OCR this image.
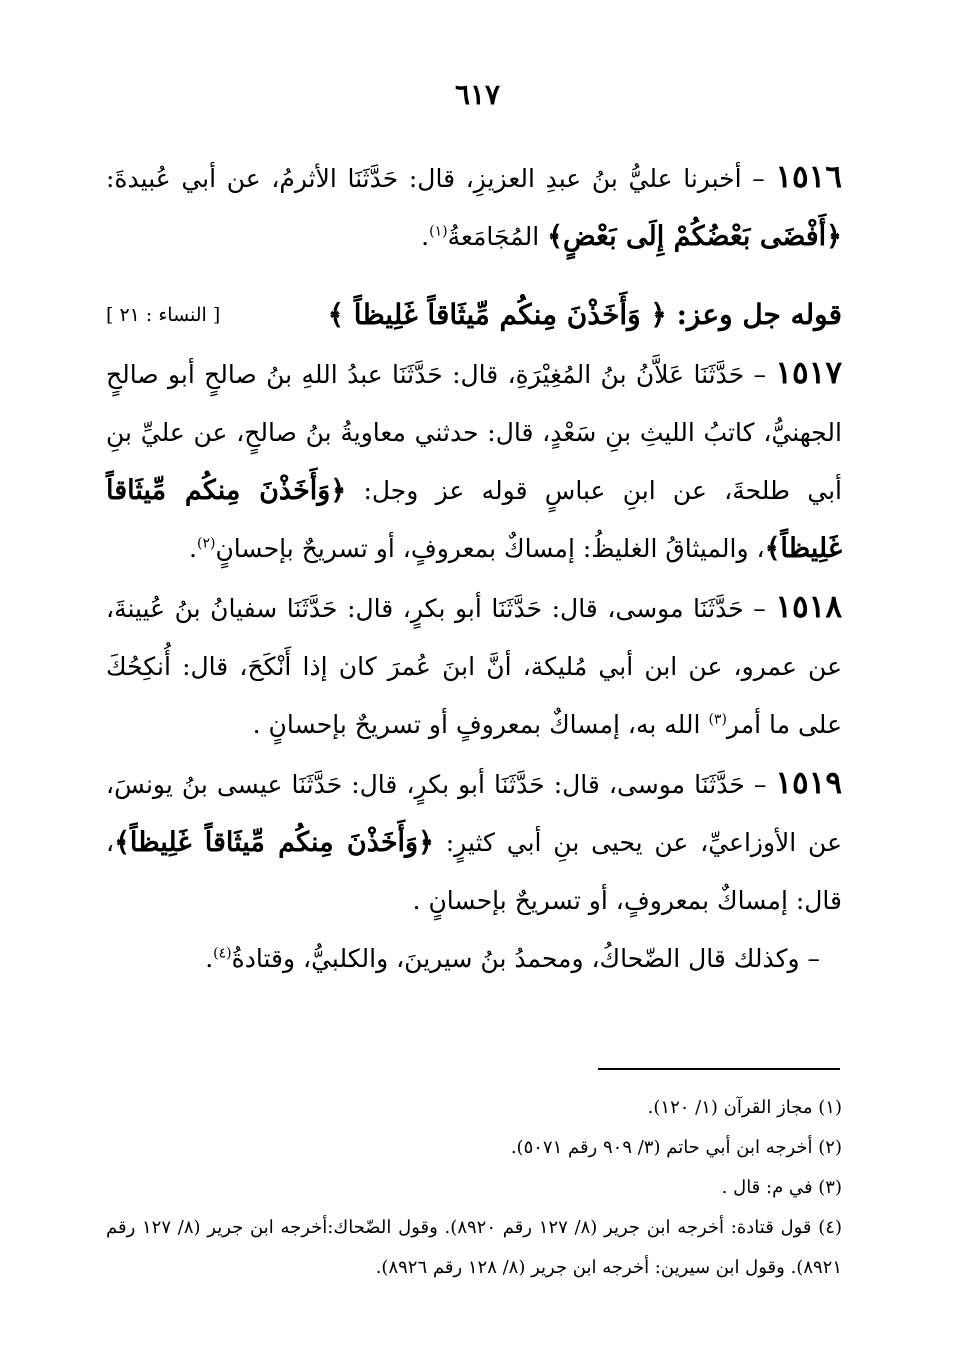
٦١٧

١٥١٦ – أخبرنا عليُّ بنُ عبدِ العزيزِ، قال: حَدَّثَنَا الأثرمُ، عن أبي عُبيدةَ: ﴿أَفْضَى بَعْضُكُمْ إِلَى بَعْضٍ﴾ المُجَامَعةُ$^{(١)}$.

قوله جل وعز: ﴿ وَأَخَذْنَ مِنكُم مِّيثَاقاً غَلِيظاً ﴾
[ النساء : ٢١ ]

١٥١٧ – حَدَّثَنَا عَلاَّنُ بنُ المُغِيْرَةِ، قال: حَدَّثَنَا عبدُ اللهِ بنُ صالحٍ أبو صالحٍ الجهنيُّ، كاتبُ الليثِ بنِ سَعْدٍ، قال: حدثني معاويةُ بنُ صالحٍ، عن عليِّ بنِ أبي طلحةَ، عن ابنِ عباسٍ قوله عز وجل: ﴿وَأَخَذْنَ مِنكُم مِّيثَاقاً غَلِيظاً﴾، والميثاقُ الغليظُ: إمساكٌ بمعروفٍ، أو تسريحٌ بإحسانٍ$^{(٢)}$.

١٥١٨ – حَدَّثَنَا موسى، قال: حَدَّثَنَا أبو بكرٍ، قال: حَدَّثَنَا سفيانُ بنُ عُيينةَ، عن عمرو، عن ابن أبي مُليكة، أنَّ ابنَ عُمرَ كان إذا أَنْكَحَ، قال: أُنكِحُكَ على ما أمر$^{(٣)}$ الله به، إمساكٌ بمعروفٍ أو تسريحٌ بإحسانٍ .

١٥١٩ – حَدَّثَنَا موسى، قال: حَدَّثَنَا أبو بكرٍ، قال: حَدَّثَنَا عيسى بنُ يونسَ، عن الأوزاعيِّ، عن يحيى بنِ أبي كثيرٍ: ﴿وَأَخَذْنَ مِنكُم مِّيثَاقاً غَلِيظاً﴾، قال: إمساكٌ بمعروفٍ، أو تسريحٌ بإحسانٍ .

– وكذلك قال الضّحاكُ، ومحمدُ بنُ سيرينَ، والكلبيُّ، وقتادةُ$^{(٤)}$.

(١) مجاز القرآن (١/ ١٢٠).

(٢) أخرجه ابن أبي حاتم (٣/ ٩٠٩ رقم ٥٠٧١).

(٣) في م: قال .

(٤) قول قتادة: أخرجه ابن جرير (٨/ ١٢٧ رقم ٨٩٢٠). وقول الضّحاك:أخرجه ابن جرير (٨/ ١٢٧ رقم ٨٩٢١). وقول ابن سيرين: أخرجه ابن جرير (٨/ ١٢٨ رقم ٨٩٢٦).
